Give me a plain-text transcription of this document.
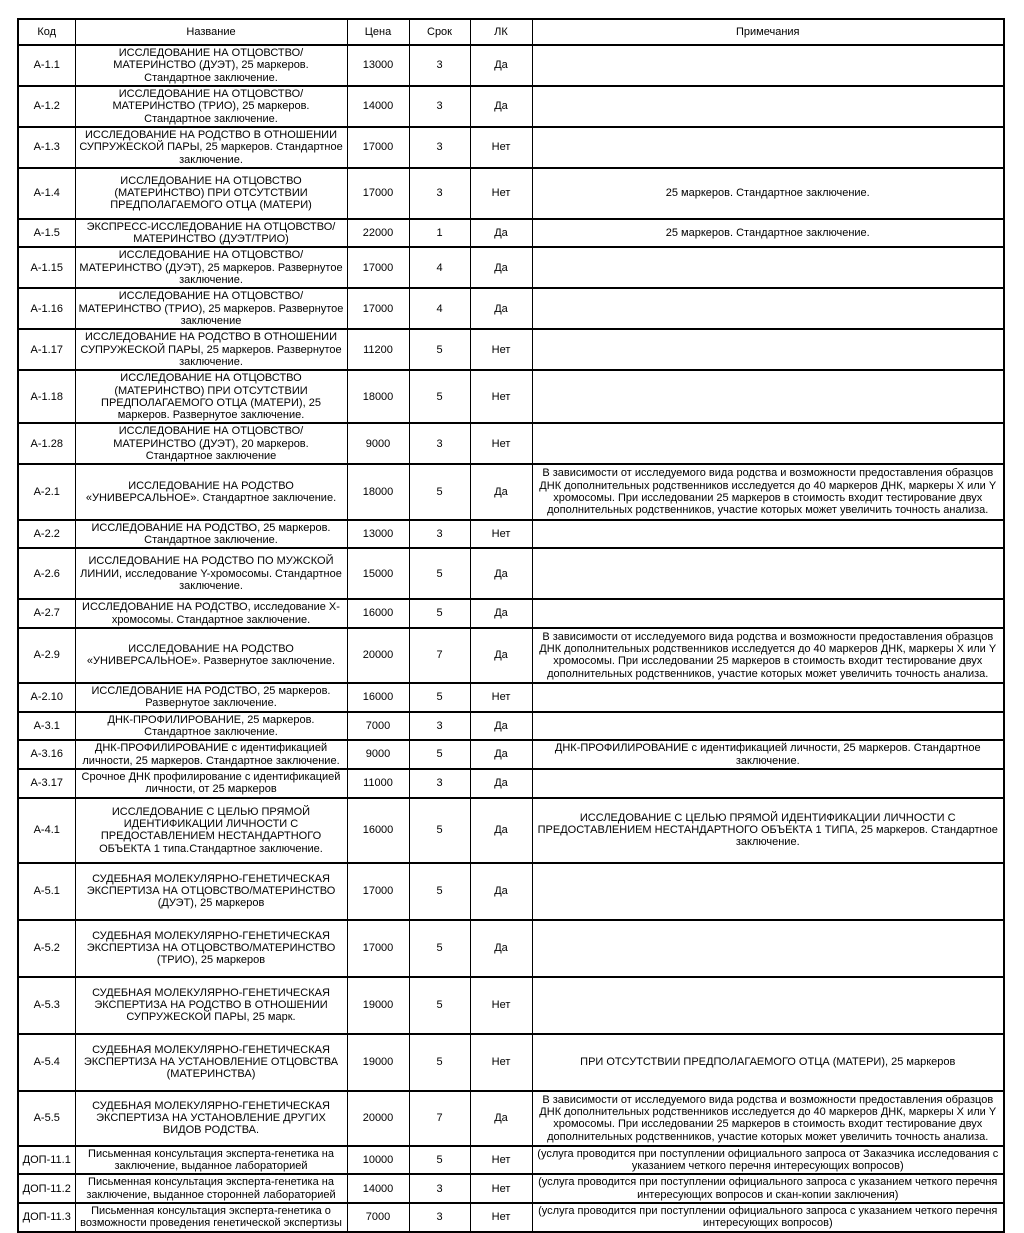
Код	Название	Цена	Срок	ЛК	Примечания
А-1.1	ИССЛЕДОВАНИЕ НА ОТЦОВСТВО/МАТЕРИНСТВО (ДУЭТ), 25 маркеров. Стандартное заключение.	13000	3	Да	
А-1.2	ИССЛЕДОВАНИЕ НА ОТЦОВСТВО/МАТЕРИНСТВО (ТРИО), 25 маркеров. Стандартное заключение.	14000	3	Да	
А-1.3	ИССЛЕДОВАНИЕ НА РОДСТВО В ОТНОШЕНИИ СУПРУЖЕСКОЙ ПАРЫ, 25 маркеров. Стандартное заключение.	17000	3	Нет	
А-1.4	ИССЛЕДОВАНИЕ НА ОТЦОВСТВО (МАТЕРИНСТВО) ПРИ ОТСУТСТВИИ ПРЕДПОЛАГАЕМОГО ОТЦА (МАТЕРИ)	17000	3	Нет	25 маркеров. Стандартное заключение.
А-1.5	ЭКСПРЕСС-ИССЛЕДОВАНИЕ НА ОТЦОВСТВО/МАТЕРИНСТВО (ДУЭТ/ТРИО)	22000	1	Да	25 маркеров. Стандартное заключение.
А-1.15	ИССЛЕДОВАНИЕ НА ОТЦОВСТВО/МАТЕРИНСТВО (ДУЭТ), 25 маркеров. Развернутое заключение.	17000	4	Да	
А-1.16	ИССЛЕДОВАНИЕ НА ОТЦОВСТВО/МАТЕРИНСТВО (ТРИО), 25 маркеров. Развернутое заключение	17000	4	Да	
А-1.17	ИССЛЕДОВАНИЕ НА РОДСТВО В ОТНОШЕНИИ СУПРУЖЕСКОЙ ПАРЫ, 25 маркеров. Развернутое заключение.	11200	5	Нет	
А-1.18	ИССЛЕДОВАНИЕ НА ОТЦОВСТВО (МАТЕРИНСТВО) ПРИ ОТСУТСТВИИ ПРЕДПОЛАГАЕМОГО ОТЦА (МАТЕРИ), 25 маркеров. Развернутое заключение.	18000	5	Нет	
А-1.28	ИССЛЕДОВАНИЕ НА ОТЦОВСТВО/МАТЕРИНСТВО (ДУЭТ), 20 маркеров. Стандартное заключение	9000	3	Нет	
А-2.1	ИССЛЕДОВАНИЕ НА РОДСТВО «УНИВЕРСАЛЬНОЕ». Стандартное заключение.	18000	5	Да	В зависимости от исследуемого вида родства и возможности предоставления образцов ДНК дополнительных родственников исследуется до 40 маркеров ДНК, маркеры Х или Y хромосомы. При исследовании 25 маркеров в стоимость входит тестирование двух дополнительных родственников, участие которых может увеличить точность анализа.
А-2.2	ИССЛЕДОВАНИЕ НА РОДСТВО, 25 маркеров. Стандартное заключение.	13000	3	Нет	
А-2.6	ИССЛЕДОВАНИЕ НА РОДСТВО ПО МУЖСКОЙ ЛИНИИ, исследование Y-хромосомы. Стандартное заключение.	15000	5	Да	
А-2.7	ИССЛЕДОВАНИЕ НА РОДСТВО, исследование Х-хромосомы. Стандартное заключение.	16000	5	Да	
А-2.9	ИССЛЕДОВАНИЕ НА РОДСТВО «УНИВЕРСАЛЬНОЕ». Развернутое заключение.	20000	7	Да	В зависимости от исследуемого вида родства и возможности предоставления образцов ДНК дополнительных родственников исследуется до 40 маркеров ДНК, маркеры Х или Y хромосомы. При исследовании 25 маркеров в стоимость входит тестирование двух дополнительных родственников, участие которых может увеличить точность анализа.
А-2.10	ИССЛЕДОВАНИЕ НА РОДСТВО, 25 маркеров. Развернутое заключение.	16000	5	Нет	
А-3.1	ДНК-ПРОФИЛИРОВАНИЕ, 25 маркеров. Стандартное заключение.	7000	3	Да	
А-3.16	ДНК-ПРОФИЛИРОВАНИЕ с идентификацией личности, 25 маркеров. Стандартное заключение.	9000	5	Да	ДНК-ПРОФИЛИРОВАНИЕ с идентификацией личности, 25 маркеров. Стандартное заключение.
А-3.17	Срочное ДНК профилирование с идентификацией личности, от 25 маркеров	11000	3	Да	
А-4.1	ИССЛЕДОВАНИЕ С ЦЕЛЬЮ ПРЯМОЙ ИДЕНТИФИКАЦИИ ЛИЧНОСТИ С ПРЕДОСТАВЛЕНИЕМ НЕСТАНДАРТНОГО ОБЪЕКТА 1 типа.Стандартное заключение.	16000	5	Да	ИССЛЕДОВАНИЕ С ЦЕЛЬЮ ПРЯМОЙ ИДЕНТИФИКАЦИИ ЛИЧНОСТИ С ПРЕДОСТАВЛЕНИЕМ НЕСТАНДАРТНОГО ОБЪЕКТА 1 ТИПА, 25 маркеров. Стандартное заключение.
А-5.1	СУДЕБНАЯ МОЛЕКУЛЯРНО-ГЕНЕТИЧЕСКАЯ ЭКСПЕРТИЗА НА ОТЦОВСТВО/МАТЕРИНСТВО (ДУЭТ), 25 маркеров	17000	5	Да	
А-5.2	СУДЕБНАЯ МОЛЕКУЛЯРНО-ГЕНЕТИЧЕСКАЯ ЭКСПЕРТИЗА НА ОТЦОВСТВО/МАТЕРИНСТВО (ТРИО), 25 маркеров	17000	5	Да	
А-5.3	СУДЕБНАЯ МОЛЕКУЛЯРНО-ГЕНЕТИЧЕСКАЯ ЭКСПЕРТИЗА НА РОДСТВО В ОТНОШЕНИИ СУПРУЖЕСКОЙ ПАРЫ, 25 марк.	19000	5	Нет	
А-5.4	СУДЕБНАЯ МОЛЕКУЛЯРНО-ГЕНЕТИЧЕСКАЯ ЭКСПЕРТИЗА НА УСТАНОВЛЕНИЕ ОТЦОВСТВА (МАТЕРИНСТВА)	19000	5	Нет	ПРИ ОТСУТСТВИИ ПРЕДПОЛАГАЕМОГО ОТЦА (МАТЕРИ), 25 маркеров
А-5.5	СУДЕБНАЯ МОЛЕКУЛЯРНО-ГЕНЕТИЧЕСКАЯ ЭКСПЕРТИЗА НА УСТАНОВЛЕНИЕ ДРУГИХ ВИДОВ РОДСТВА.	20000	7	Да	В зависимости от исследуемого вида родства и возможности предоставления образцов ДНК дополнительных родственников исследуется до 40 маркеров ДНК, маркеры Х или Y хромосомы. При исследовании 25 маркеров в стоимость входит тестирование двух дополнительных родственников, участие которых может увеличить точность анализа.
ДОП-11.1	Письменная консультация эксперта-генетика на заключение, выданное лабораторией	10000	5	Нет	(услуга проводится при поступлении официального запроса от Заказчика исследования с указанием четкого перечня интересующих вопросов)
ДОП-11.2	Письменная консультация эксперта-генетика на заключение, выданное сторонней лабораторией	14000	3	Нет	(услуга проводится при поступлении официального запроса с указанием четкого перечня интересующих вопросов и скан-копии заключения)
ДОП-11.3	Письменная консультация эксперта-генетика о возможности проведения генетической экспертизы	7000	3	Нет	(услуга проводится при поступлении официального запроса с указанием четкого перечня интересующих вопросов)
